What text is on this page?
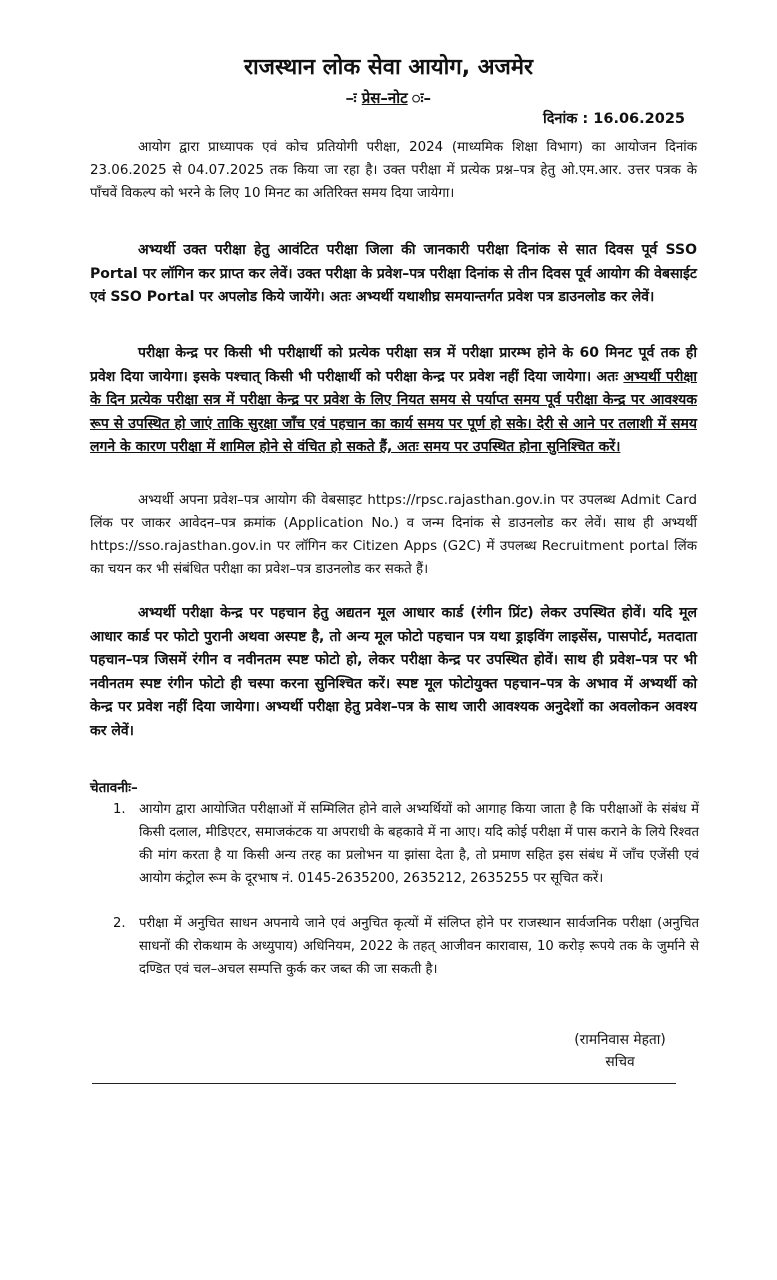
राजस्थान लोक सेवा आयोग, अजमेर
–ः प्रेस–नोट ः–
दिनांक : 16.06.2025
आयोग द्वारा प्राध्यापक एवं कोच प्रतियोगी परीक्षा, 2024 (माध्यमिक शिक्षा विभाग) का आयोजन दिनांक 23.06.2025 से 04.07.2025 तक किया जा रहा है। उक्त परीक्षा में प्रत्येक प्रश्न–पत्र हेतु ओ.एम.आर. उत्तर पत्रक के पाँचवें विकल्प को भरने के लिए 10 मिनट का अतिरिक्त समय दिया जायेगा।
अभ्यर्थी उक्त परीक्षा हेतु आवंटित परीक्षा जिला की जानकारी परीक्षा दिनांक से सात दिवस पूर्व SSO Portal पर लॉगिन कर प्राप्त कर लेवें। उक्त परीक्षा के प्रवेश–पत्र परीक्षा दिनांक से तीन दिवस पूर्व आयोग की वेबसाईट एवं SSO Portal पर अपलोड किये जायेंगे। अतः अभ्यर्थी यथाशीघ्र समयान्तर्गत प्रवेश पत्र डाउनलोड कर लेवें।
परीक्षा केन्द्र पर किसी भी परीक्षार्थी को प्रत्येक परीक्षा सत्र में परीक्षा प्रारम्भ होने के 60 मिनट पूर्व तक ही प्रवेश दिया जायेगा। इसके पश्चात् किसी भी परीक्षार्थी को परीक्षा केन्द्र पर प्रवेश नहीं दिया जायेगा। अतः अभ्यर्थी परीक्षा के दिन प्रत्येक परीक्षा सत्र में परीक्षा केन्द्र पर प्रवेश के लिए नियत समय से पर्याप्त समय पूर्व परीक्षा केन्द्र पर आवश्यक रूप से उपस्थित हो जाएं ताकि सुरक्षा जाँच एवं पहचान का कार्य समय पर पूर्ण हो सके। देरी से आने पर तलाशी में समय लगने के कारण परीक्षा में शामिल होने से वंचित हो सकते हैं, अतः समय पर उपस्थित होना सुनिश्चित करें।
अभ्यर्थी अपना प्रवेश–पत्र आयोग की वेबसाइट https://rpsc.rajasthan.gov.in पर उपलब्ध Admit Card लिंक पर जाकर आवेदन–पत्र क्रमांक (Application No.) व जन्म दिनांक से डाउनलोड कर लेवें। साथ ही अभ्यर्थी https://sso.rajasthan.gov.in पर लॉगिन कर Citizen Apps (G2C) में उपलब्ध Recruitment portal लिंक का चयन कर भी संबंधित परीक्षा का प्रवेश–पत्र डाउनलोड कर सकते हैं।
अभ्यर्थी परीक्षा केन्द्र पर पहचान हेतु अद्यतन मूल आधार कार्ड (रंगीन प्रिंट) लेकर उपस्थित होवें। यदि मूल आधार कार्ड पर फोटो पुरानी अथवा अस्पष्ट है, तो अन्य मूल फोटो पहचान पत्र यथा ड्राइविंग लाइसेंस, पासपोर्ट, मतदाता पहचान–पत्र जिसमें रंगीन व नवीनतम स्पष्ट फोटो हो, लेकर परीक्षा केन्द्र पर उपस्थित होवें। साथ ही प्रवेश–पत्र पर भी नवीनतम स्पष्ट रंगीन फोटो ही चस्पा करना सुनिश्चित करें। स्पष्ट मूल फोटोयुक्त पहचान–पत्र के अभाव में अभ्यर्थी को केन्द्र पर प्रवेश नहीं दिया जायेगा। अभ्यर्थी परीक्षा हेतु प्रवेश–पत्र के साथ जारी आवश्यक अनुदेशों का अवलोकन अवश्य कर लेवें।
चेतावनीः–
1.	आयोग द्वारा आयोजित परीक्षाओं में सम्मिलित होने वाले अभ्यर्थियों को आगाह किया जाता है कि परीक्षाओं के संबंध में किसी दलाल, मीडिएटर, समाजकंटक या अपराधी के बहकावे में ना आए। यदि कोई परीक्षा में पास कराने के लिये रिश्वत की मांग करता है या किसी अन्य तरह का प्रलोभन या झांसा देता है, तो प्रमाण सहित इस संबंध में जाँच एजेंसी एवं आयोग कंट्रोल रूम के दूरभाष नं. 0145-2635200, 2635212, 2635255 पर सूचित करें।
2.	परीक्षा में अनुचित साधन अपनाये जाने एवं अनुचित कृत्यों में संलिप्त होने पर राजस्थान सार्वजनिक परीक्षा (अनुचित साधनों की रोकथाम के अध्युपाय) अधिनियम, 2022 के तहत् आजीवन कारावास, 10 करोड़ रूपये तक के जुर्माने से दण्डित एवं चल–अचल सम्पत्ति कुर्क कर जब्त की जा सकती है।
(रामनिवास मेहता)
सचिव
